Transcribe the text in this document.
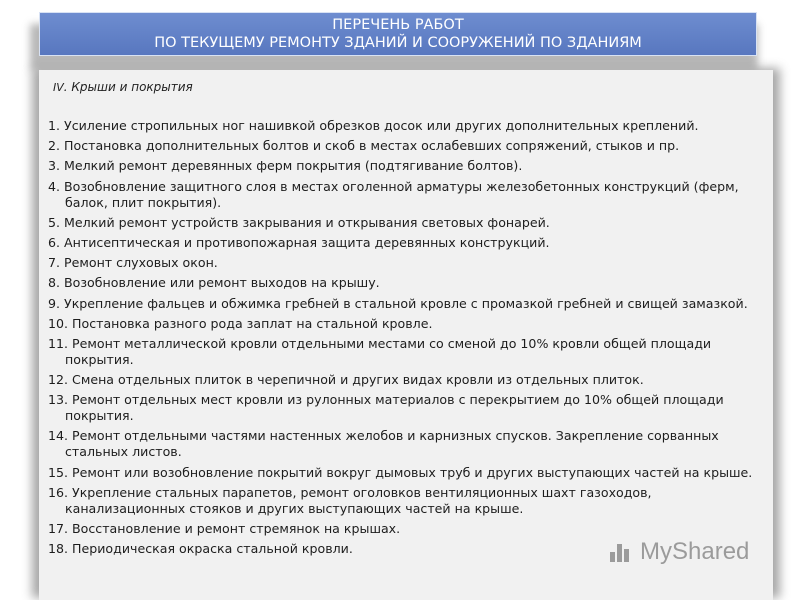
ПЕРЕЧЕНЬ РАБОТ
ПО ТЕКУЩЕМУ РЕМОНТУ ЗДАНИЙ И СООРУЖЕНИЙ ПО ЗДАНИЯМ
IV. Крыши и покрытия
1. Усиление стропильных ног нашивкой обрезков досок или других дополнительных креплений.
2. Постановка дополнительных болтов и скоб в местах ослабевших сопряжений, стыков и пр.
3. Мелкий ремонт деревянных ферм покрытия (подтягивание болтов).
4. Возобновление защитного слоя в местах оголенной арматуры железобетонных конструкций (ферм, балок, плит покрытия).
5. Мелкий ремонт устройств закрывания и открывания световых фонарей.
6. Антисептическая и противопожарная защита деревянных конструкций.
7. Ремонт слуховых окон.
8. Возобновление или ремонт выходов на крышу.
9. Укрепление фальцев и обжимка гребней в стальной кровле с промазкой гребней и свищей замазкой.
10. Постановка разного рода заплат на стальной кровле.
11. Ремонт металлической кровли отдельными местами со сменой до 10% кровли общей площади покрытия.
12. Смена отдельных плиток в черепичной и других видах кровли из отдельных плиток.
13. Ремонт отдельных мест кровли из рулонных материалов с перекрытием до 10% общей площади покрытия.
14. Ремонт отдельными частями настенных желобов и карнизных спусков. Закрепление сорванных стальных листов.
15. Ремонт или возобновление покрытий вокруг дымовых труб и других выступающих частей на крыше.
16. Укрепление стальных парапетов, ремонт оголовков вентиляционных шахт газоходов, канализационных стояков и других выступающих частей на крыше.
17. Восстановление и ремонт стремянок на крышах.
18. Периодическая окраска стальной кровли.	MyShared
